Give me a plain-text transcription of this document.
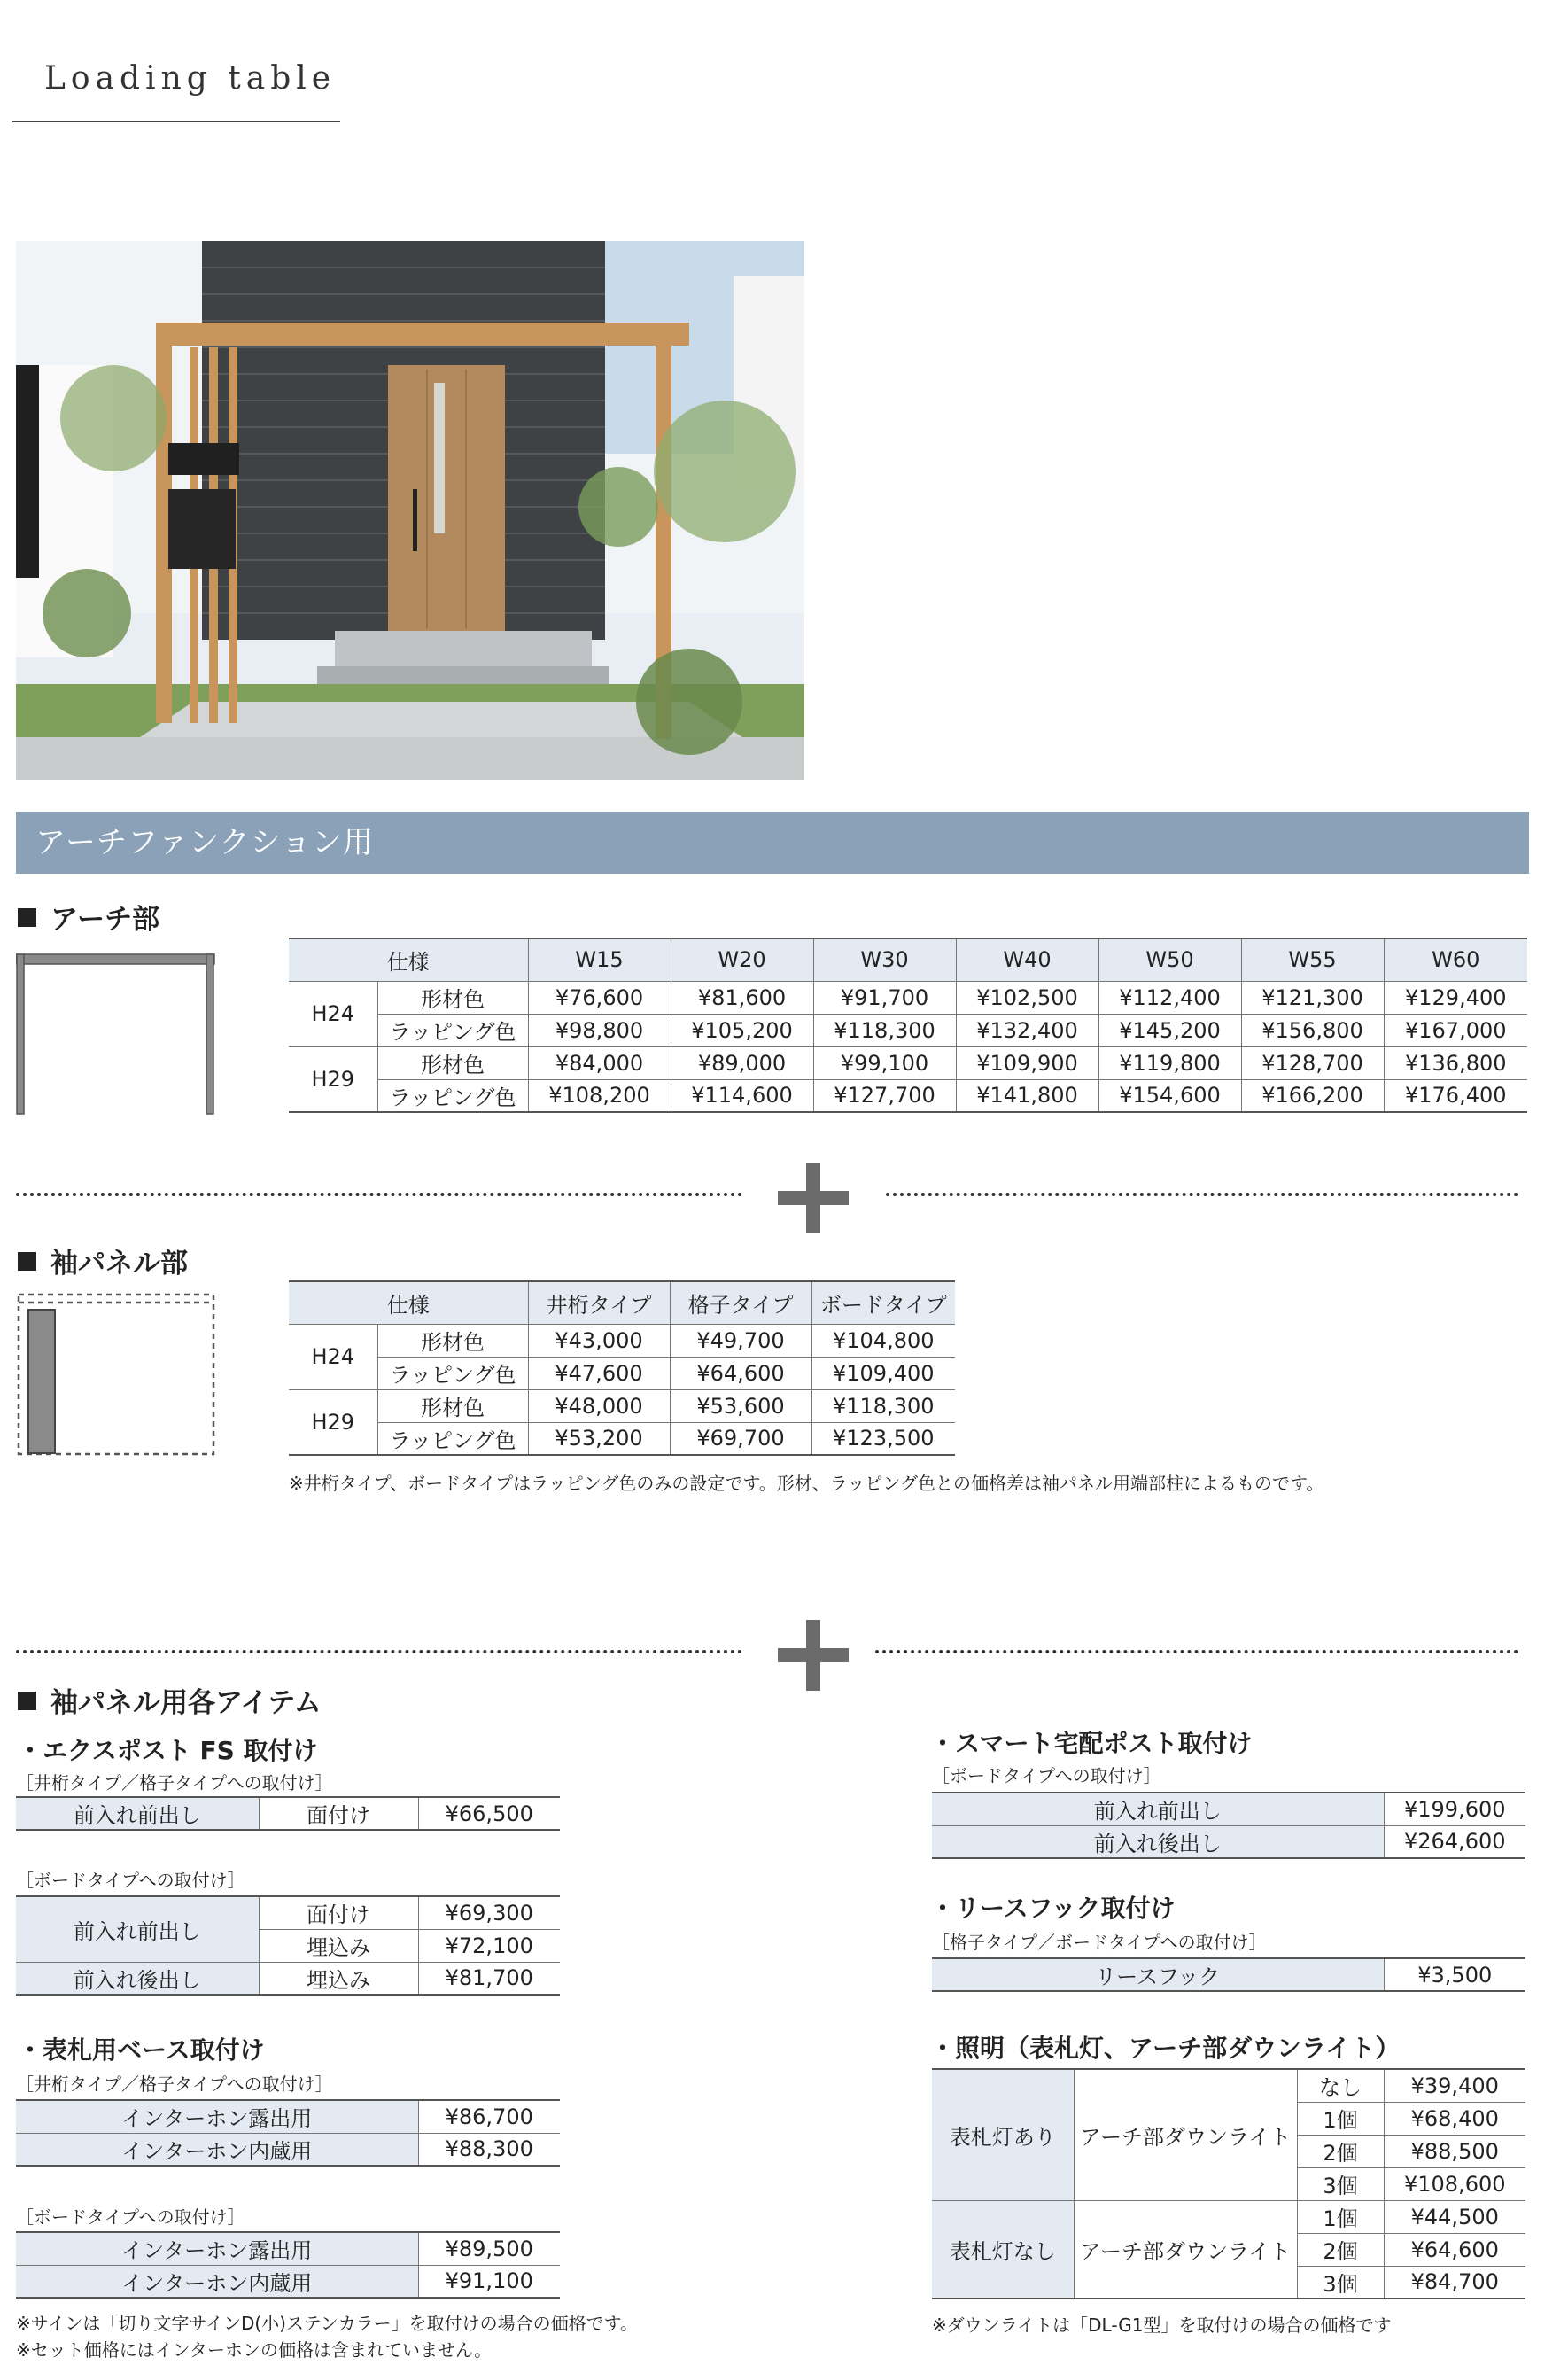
Loading table
アーチファンクション用
アーチ部
仕様		W15	W20	W30	W40	W50	W55	W60
H24	形材色	¥76,600	¥81,600	¥91,700	¥102,500	¥112,400	¥121,300	¥129,400
	ラッピング色	¥98,800	¥105,200	¥118,300	¥132,400	¥145,200	¥156,800	¥167,000
H29	形材色	¥84,000	¥89,000	¥99,100	¥109,900	¥119,800	¥128,700	¥136,800
	ラッピング色	¥108,200	¥114,600	¥127,700	¥141,800	¥154,600	¥166,200	¥176,400
袖パネル部
仕様		井桁タイプ	格子タイプ	ボードタイプ
H24	形材色	¥43,000	¥49,700	¥104,800
	ラッピング色	¥47,600	¥64,600	¥109,400
H29	形材色	¥48,000	¥53,600	¥118,300
	ラッピング色	¥53,200	¥69,700	¥123,500
※井桁タイプ、ボードタイプはラッピング色のみの設定です。形材、ラッピング色との価格差は袖パネル用端部柱によるものです。
袖パネル用各アイテム
・エクスポスト FS 取付け
［井桁タイプ／格子タイプへの取付け］
前入れ前出し	面付け	¥66,500
［ボードタイプへの取付け］
前入れ前出し	面付け	¥69,300
	埋込み	¥72,100
前入れ後出し	埋込み	¥81,700
・表札用ベース取付け
［井桁タイプ／格子タイプへの取付け］
インターホン露出用	¥86,700
インターホン内蔵用	¥88,300
［ボードタイプへの取付け］
インターホン露出用	¥89,500
インターホン内蔵用	¥91,100
※サインは「切り文字サインD(小)ステンカラー」を取付けの場合の価格です。
※セット価格にはインターホンの価格は含まれていません。
・スマート宅配ポスト取付け
［ボードタイプへの取付け］
前入れ前出し	¥199,600
前入れ後出し	¥264,600
・リースフック取付け
［格子タイプ／ボードタイプへの取付け］
リースフック	¥3,500
・照明（表札灯、アーチ部ダウンライト）
表札灯あり	アーチ部ダウンライト	なし	¥39,400
		1個	¥68,400
		2個	¥88,500
		3個	¥108,600
表札灯なし	アーチ部ダウンライト	1個	¥44,500
		2個	¥64,600
		3個	¥84,700
※ダウンライトは「DL-G1型」を取付けの場合の価格です
